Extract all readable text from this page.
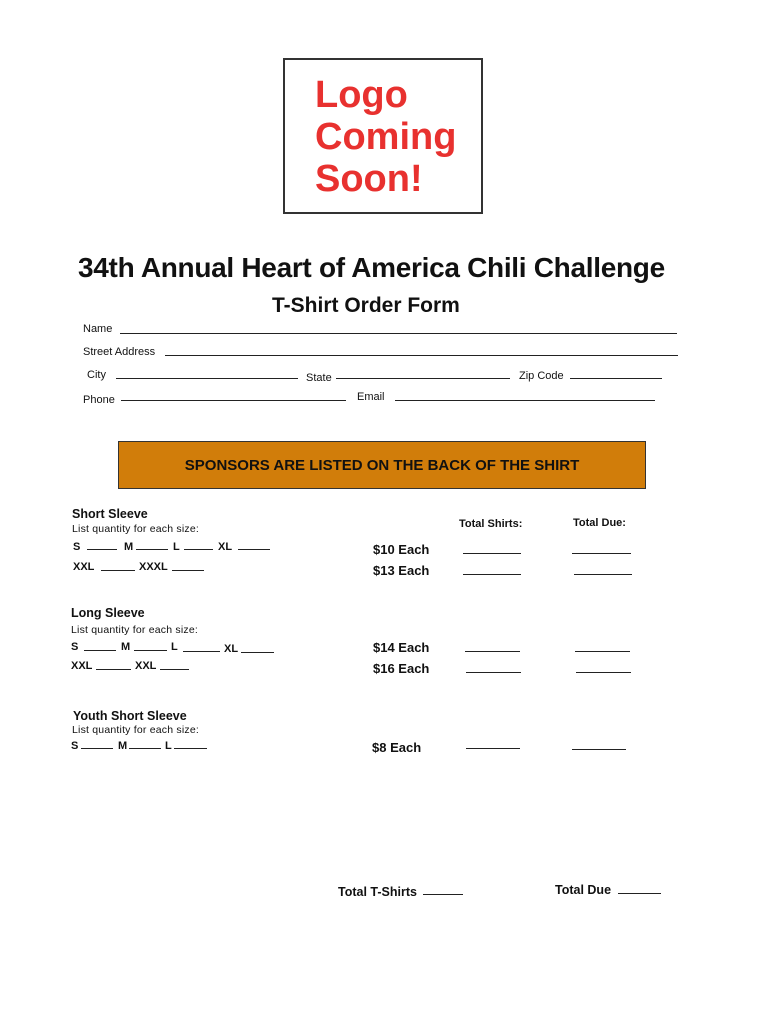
Logo
Coming
Soon!
34th Annual Heart of America Chili Challenge
T-Shirt Order Form
Name
Street Address
City	State	Zip Code
Phone	Email
SPONSORS ARE LISTED ON THE BACK OF THE SHIRT
Total Shirts:	Total Due:
Short Sleeve
List quantity for each size:
S	M	L	XL
XXL	XXXL
$10 Each
$13 Each
Long Sleeve
List quantity for each size:
S	M	L	XL
XXL	XXL
$14 Each
$16 Each
Youth Short Sleeve
List quantity for each size:
S	M	L	$8 Each
Total T-Shirts	Total Due
